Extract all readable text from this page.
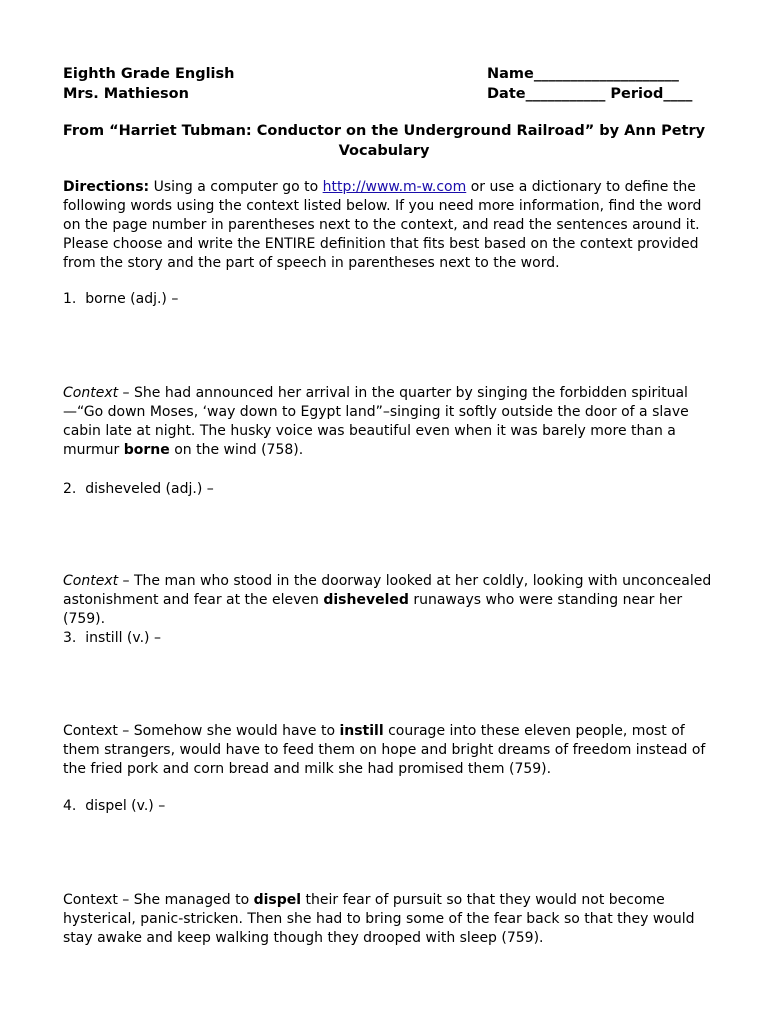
Eighth Grade English
Mrs. Mathieson
Name____________________
Date___________ Period____
From “Harriet Tubman: Conductor on the Underground Railroad” by Ann Petry
Vocabulary
Directions: Using a computer go to http://www.m-w.com or use a dictionary to define the following words using the context listed below. If you need more information, find the word on the page number in parentheses next to the context, and read the sentences around it. Please choose and write the ENTIRE definition that fits best based on the context provided from the story and the part of speech in parentheses next to the word.
1.  borne (adj.) –
Context – She had announced her arrival in the quarter by singing the forbidden spiritual—“Go down Moses, ‘way down to Egypt land”–singing it softly outside the door of a slave cabin late at night. The husky voice was beautiful even when it was barely more than a murmur borne on the wind (758).
2.  disheveled (adj.) –
Context – The man who stood in the doorway looked at her coldly, looking with unconcealed astonishment and fear at the eleven disheveled runaways who were standing near her (759).
3.  instill (v.) –
Context – Somehow she would have to instill courage into these eleven people, most of them strangers, would have to feed them on hope and bright dreams of freedom instead of the fried pork and corn bread and milk she had promised them (759).
4.  dispel (v.) –
Context – She managed to dispel their fear of pursuit so that they would not become hysterical, panic-stricken. Then she had to bring some of the fear back so that they would stay awake and keep walking though they drooped with sleep (759).
